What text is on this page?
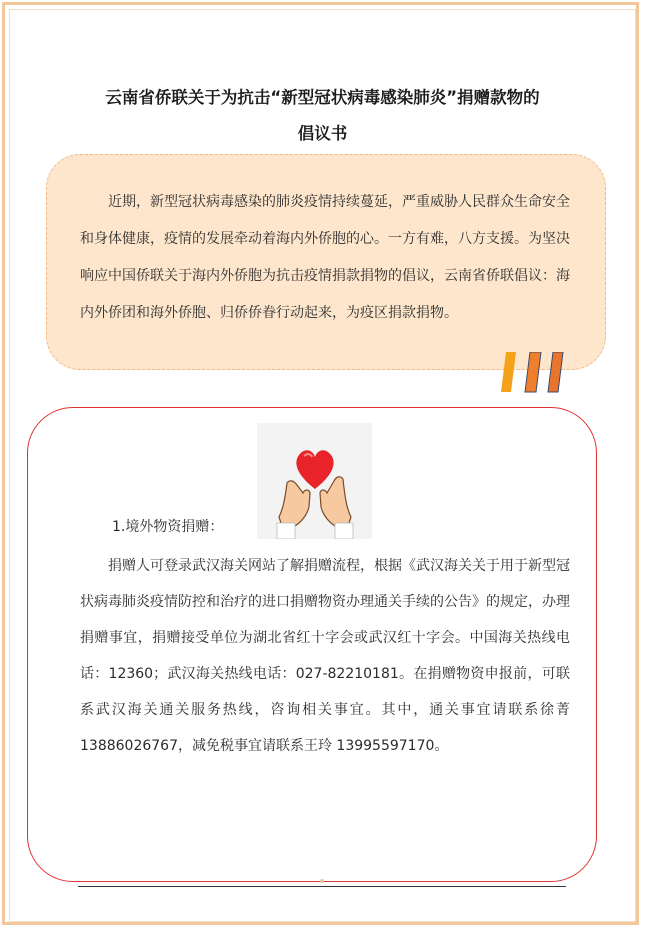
云南省侨联关于为抗击“新型冠状病毒感染肺炎”捐赠款物的
倡议书

近期，新型冠状病毒感染的肺炎疫情持续蔓延，严重威胁人民群众生命安全和身体健康，疫情的发展牵动着海内外侨胞的心。一方有难，八方支援。为坚决响应中国侨联关于海内外侨胞为抗击疫情捐款捐物的倡议，云南省侨联倡议：海内外侨团和海外侨胞、归侨侨眷行动起来，为疫区捐款捐物。

1.境外物资捐赠：

捐赠人可登录武汉海关网站了解捐赠流程，根据《武汉海关关于用于新型冠状病毒肺炎疫情防控和治疗的进口捐赠物资办理通关手续的公告》的规定，办理捐赠事宜，捐赠接受单位为湖北省红十字会或武汉红十字会。中国海关热线电话：12360；武汉海关热线电话：027-82210181。在捐赠物资申报前，可联系武汉海关通关服务热线，咨询相关事宜。其中，通关事宜请联系徐菁 13886026767，减免税事宜请联系王玲 13995597170。
